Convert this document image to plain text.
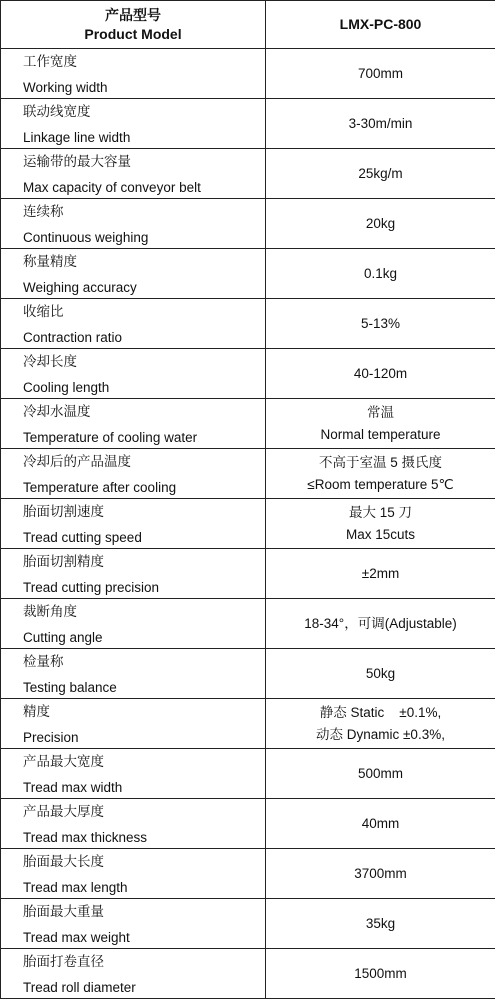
产品型号
Product Model	LMX-PC-800

工作宽度
Working width	700mm

联动线宽度
Linkage line width	3-30m/min

运输带的最大容量
Max capacity of conveyor belt	25kg/m

连续称
Continuous weighing	20kg

称量精度
Weighing accuracy	0.1kg

收缩比
Contraction ratio	5-13%

冷却长度
Cooling length	40-120m

冷却水温度
Temperature of cooling water	常温
Normal temperature

冷却后的产品温度
Temperature after cooling	不高于室温 5 摄氏度
≤Room temperature 5℃

胎面切割速度
Tread cutting speed	最大 15 刀
Max 15cuts

胎面切割精度
Tread cutting precision	±2mm

裁断角度
Cutting angle	18-34°，可调(Adjustable)

检量称
Testing balance	50kg

精度
Precision	静态 Static    ±0.1%,
动态 Dynamic ±0.3%,

产品最大宽度
Tread max width	500mm

产品最大厚度
Tread max thickness	40mm

胎面最大长度
Tread max length	3700mm

胎面最大重量
Tread max weight	35kg

胎面打卷直径
Tread roll diameter	1500mm
